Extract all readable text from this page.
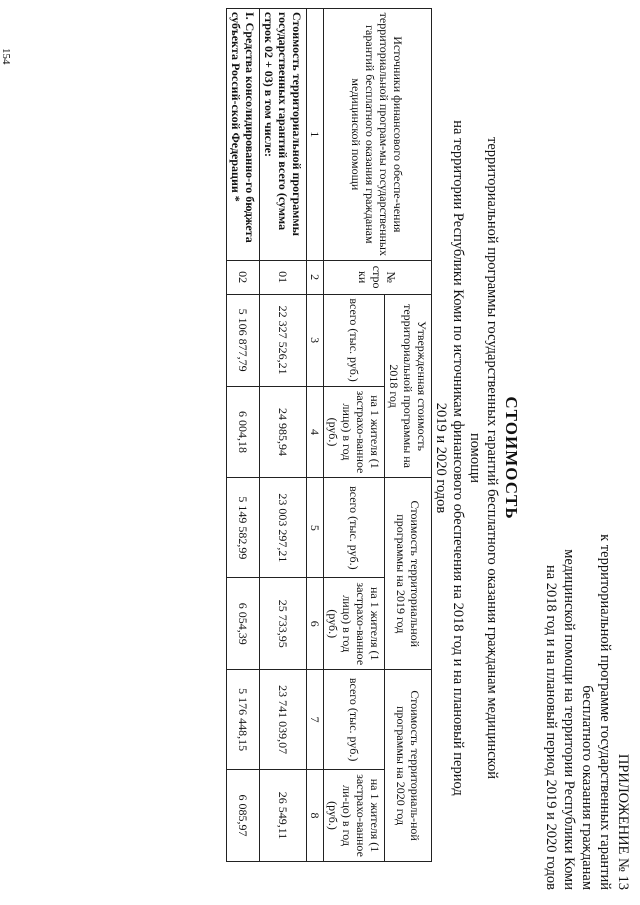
154
ПРИЛОЖЕНИЕ № 13
к территориальной программе государственных гарантий
бесплатного оказания гражданам
медицинской помощи на территории Республики Коми
на 2018 год и на плановый период 2019 и 2020 годов
СТОИМОСТЬ
территориальной программы государственных гарантий бесплатного оказания гражданам медицинской помощи
на территории Республики Коми по источникам финансового обеспечения на 2018 год и на плановый период
2019 и 2020 годов
Источники финансового обеспе-чения территориальной програм-мы государственных гарантий бесплатного оказания гражданам медицинской помощи	№ стро ки	Утвержденная стоимость территориальной программы на 2018 год		Стоимость территориальной программы на 2019 год		Стоимость территориаль-ной программы на 2020 год	
		всего (тыс. руб.)	на 1 жителя (1 застрахо-ванное лицо) в год (руб.)	всего (тыс. руб.)	на 1 жителя (1 застрахо-ванное лицо) в год (руб.)	всего (тыс. руб.)	на 1 жителя (1 застрахо-ванное ли-цо) в год (руб.)
1	2	3	4	5	6	7	8
Стоимость территориальной программы государственных гарантий всего (сумма строк 02 + 03) в том числе:	01	22 327 526,21	24 985,94	23 003 297,21	25 733,95	23 741 039,07	26 549,11
I. Средства консолидированно-го бюджета субъекта Россий-ской Федерации *	02	5 106 877,79	6 004,18	5 149 582,99	6 054,39	5 176 448,15	6 085,97
